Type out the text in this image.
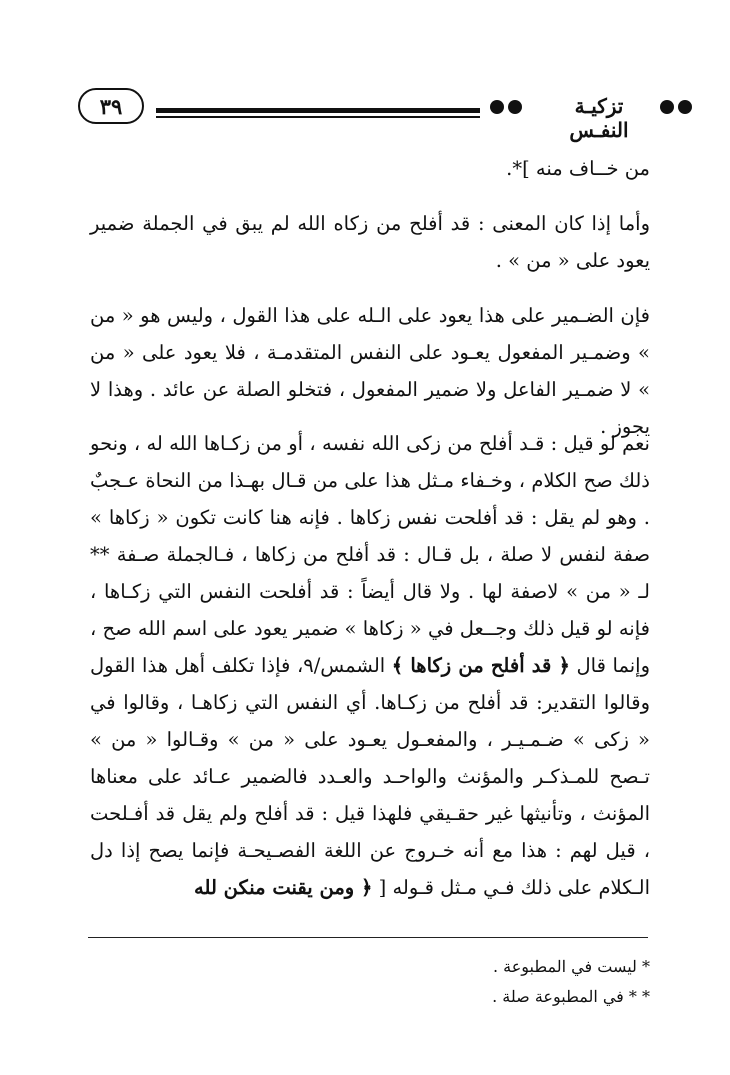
٣٩	تزكيـة النفـس

من خــاف منه ]*.

وأما إذا كان المعنى : قد أفلح من زكاه الله لم يبق في الجملة ضمير يعود على « من » .

فإن الضـمير على هذا يعود على الـله على هذا القول ، وليس هو « من » وضمـير المفعول يعـود على النفس المتقدمـة ، فلا يعود على « من » لا ضمـير الفاعل ولا ضمير المفعول ، فتخلو الصلة عن عائد . وهذا لا يجوز .

نعم لو قيل : قـد أفلح من زكى الله نفسه ، أو من زكـاها الله له ، ونحو ذلك صح الكلام ، وخـفاء مـثل هذا على من قـال بهـذا من النحاة عـجبٌ . وهو لم يقل : قد أفلحت نفس زكاها . فإنه هنا كانت تكون « زكاها » صفة لنفس لا صلة ، بل قـال : قد أفلح من زكاها ، فـالجملة صـفة ** لـ « من » لاصفة لها . ولا قال أيضاً : قد أفلحت النفس التي زكـاها ، فإنه لو قيل ذلك وجــعل في « زكاها » ضمير يعود على اسم الله صح ، وإنما قال ﴿ قد أفلح من زكاها ﴾ الشمس/٩، فإذا تكلف أهل هذا القول وقالوا التقدير: قد أفلح من زكـاها. أي النفس التي زكاهـا ، وقالوا في « زكى » ضـمـيـر ، والمفعـول يعـود على « من » وقـالوا « من » تـصح للمـذكـر والمؤنث والواحـد والعـدد فالضمير عـائد على معناها المؤنث ، وتأنيثها غير حقـيقي فلهذا قيل : قد أفلح ولم يقل قد أفـلحت ، قيل لهم : هذا مع أنه خـروج عن اللغة الفصـيحـة فإنما يصح إذا دل الـكلام على ذلك فـي مـثل قـوله [ ﴿ ومن يقنت منكن لله

* ليست في المطبوعة .

* * في المطبوعة صلة .
